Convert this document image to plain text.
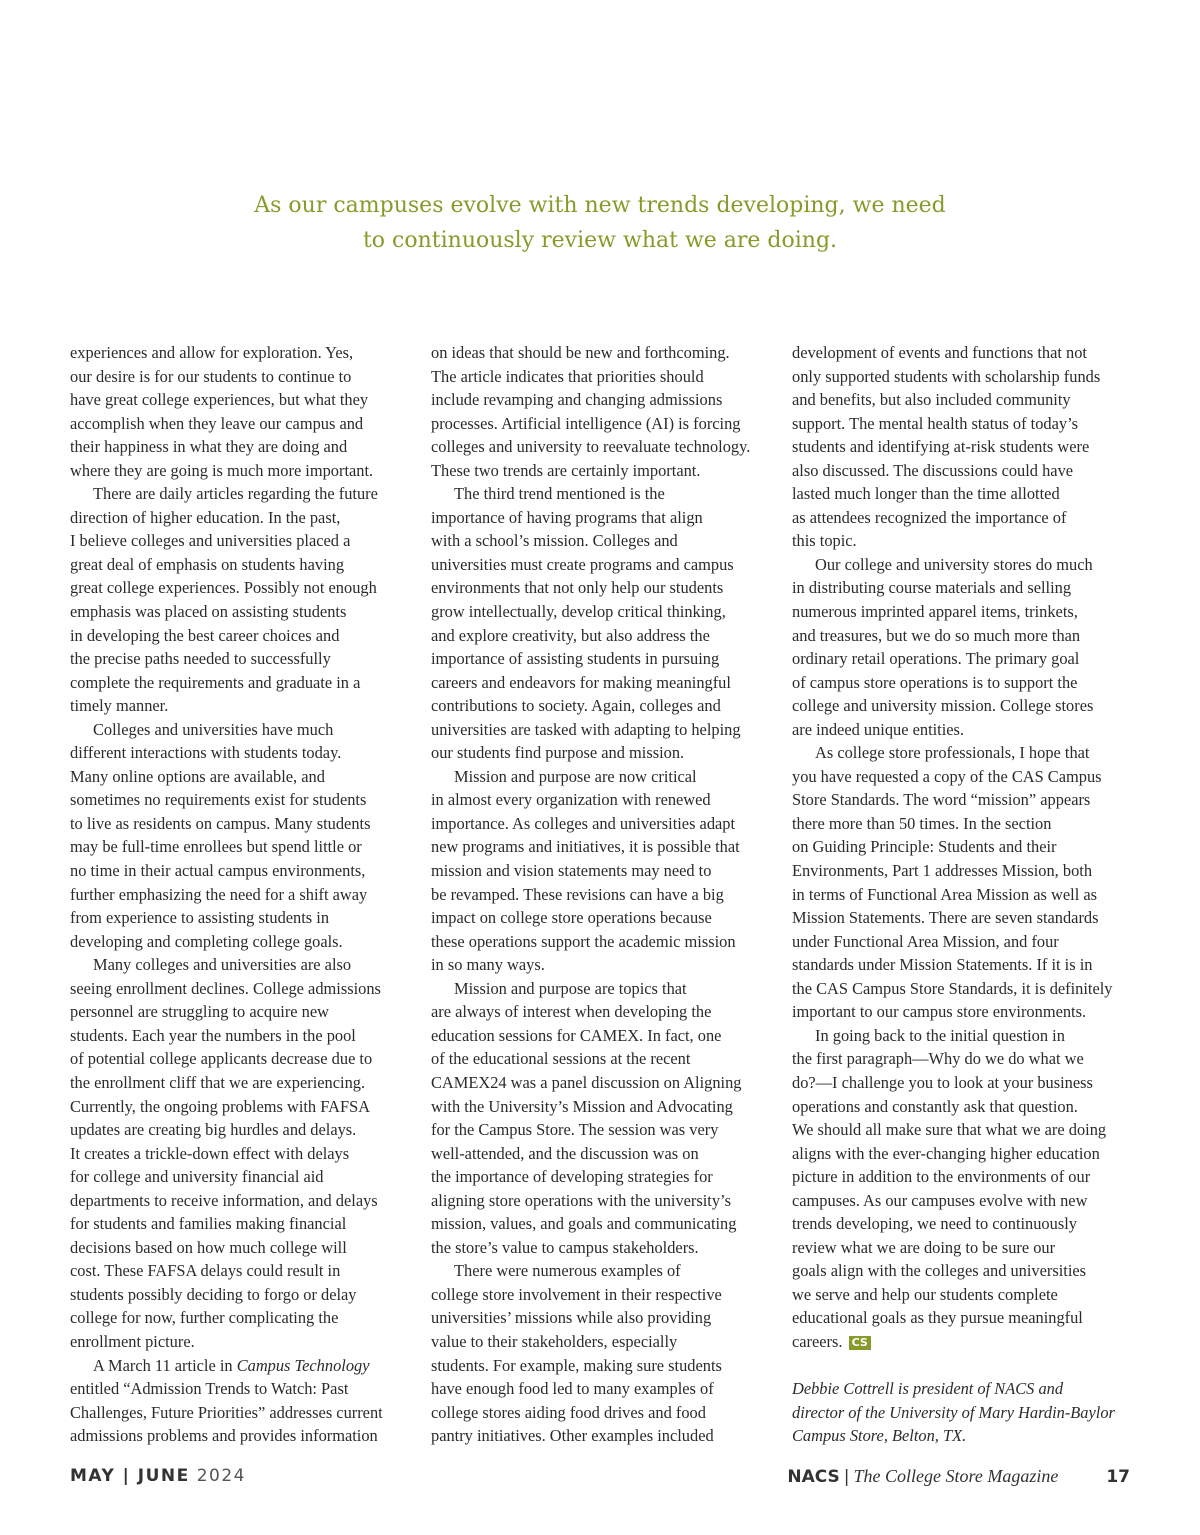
As our campuses evolve with new trends developing, we need
to continuously review what we are doing.
experiences and allow for exploration. Yes,
our desire is for our students to continue to
have great college experiences, but what they
accomplish when they leave our campus and
their happiness in what they are doing and
where they are going is much more important.
There are daily articles regarding the future
direction of higher education. In the past,
I believe colleges and universities placed a
great deal of emphasis on students having
great college experiences. Possibly not enough
emphasis was placed on assisting students
in developing the best career choices and
the precise paths needed to successfully
complete the requirements and graduate in a
timely manner.
Colleges and universities have much
different interactions with students today.
Many online options are available, and
sometimes no requirements exist for students
to live as residents on campus. Many students
may be full-time enrollees but spend little or
no time in their actual campus environments,
further emphasizing the need for a shift away
from experience to assisting students in
developing and completing college goals.
Many colleges and universities are also
seeing enrollment declines. College admissions
personnel are struggling to acquire new
students. Each year the numbers in the pool
of potential college applicants decrease due to
the enrollment cliff that we are experiencing.
Currently, the ongoing problems with FAFSA
updates are creating big hurdles and delays.
It creates a trickle-down effect with delays
for college and university financial aid
departments to receive information, and delays
for students and families making financial
decisions based on how much college will
cost. These FAFSA delays could result in
students possibly deciding to forgo or delay
college for now, further complicating the
enrollment picture.
A March 11 article in Campus Technology
entitled “Admission Trends to Watch: Past
Challenges, Future Priorities” addresses current
admissions problems and provides information
on ideas that should be new and forthcoming.
The article indicates that priorities should
include revamping and changing admissions
processes. Artificial intelligence (AI) is forcing
colleges and university to reevaluate technology.
These two trends are certainly important.
The third trend mentioned is the
importance of having programs that align
with a school’s mission. Colleges and
universities must create programs and campus
environments that not only help our students
grow intellectually, develop critical thinking,
and explore creativity, but also address the
importance of assisting students in pursuing
careers and endeavors for making meaningful
contributions to society. Again, colleges and
universities are tasked with adapting to helping
our students find purpose and mission.
Mission and purpose are now critical
in almost every organization with renewed
importance. As colleges and universities adapt
new programs and initiatives, it is possible that
mission and vision statements may need to
be revamped. These revisions can have a big
impact on college store operations because
these operations support the academic mission
in so many ways.
Mission and purpose are topics that
are always of interest when developing the
education sessions for CAMEX. In fact, one
of the educational sessions at the recent
CAMEX24 was a panel discussion on Aligning
with the University’s Mission and Advocating
for the Campus Store. The session was very
well-attended, and the discussion was on
the importance of developing strategies for
aligning store operations with the university’s
mission, values, and goals and communicating
the store’s value to campus stakeholders.
There were numerous examples of
college store involvement in their respective
universities’ missions while also providing
value to their stakeholders, especially
students. For example, making sure students
have enough food led to many examples of
college stores aiding food drives and food
pantry initiatives. Other examples included
development of events and functions that not
only supported students with scholarship funds
and benefits, but also included community
support. The mental health status of today’s
students and identifying at-risk students were
also discussed. The discussions could have
lasted much longer than the time allotted
as attendees recognized the importance of
this topic.
Our college and university stores do much
in distributing course materials and selling
numerous imprinted apparel items, trinkets,
and treasures, but we do so much more than
ordinary retail operations. The primary goal
of campus store operations is to support the
college and university mission. College stores
are indeed unique entities.
As college store professionals, I hope that
you have requested a copy of the CAS Campus
Store Standards. The word “mission” appears
there more than 50 times. In the section
on Guiding Principle: Students and their
Environments, Part 1 addresses Mission, both
in terms of Functional Area Mission as well as
Mission Statements. There are seven standards
under Functional Area Mission, and four
standards under Mission Statements. If it is in
the CAS Campus Store Standards, it is definitely
important to our campus store environments.
In going back to the initial question in
the first paragraph—Why do we do what we
do?—I challenge you to look at your business
operations and constantly ask that question.
We should all make sure that what we are doing
aligns with the ever-changing higher education
picture in addition to the environments of our
campuses. As our campuses evolve with new
trends developing, we need to continuously
review what we are doing to be sure our
goals align with the colleges and universities
we serve and help our students complete
educational goals as they pursue meaningful
careers. CS
Debbie Cottrell is president of NACS and
director of the University of Mary Hardin-Baylor
Campus Store, Belton, TX.
MAY | JUNE 2024	NACS | The College Store Magazine	17
